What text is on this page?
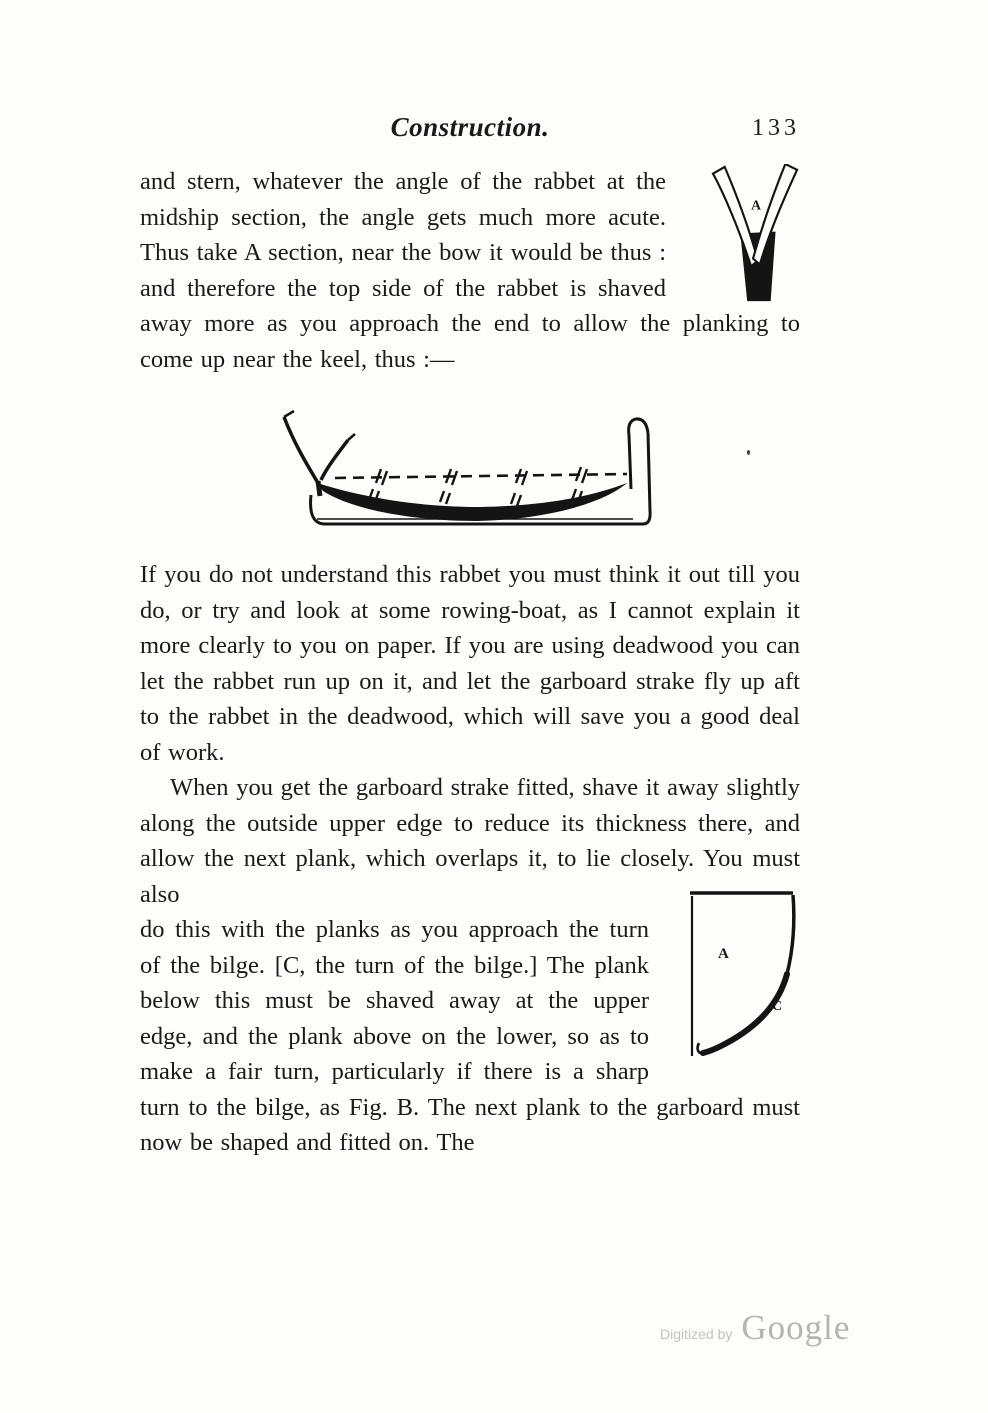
Construction.	133

A
and stern, whatever the angle of the rabbet at the midship section, the angle gets much more acute. Thus take A section, near the bow it would be thus : and therefore the top side of the rabbet is shaved away more as you approach the end to allow the planking to come up near the keel, thus :—

If you do not understand this rabbet you must think it out till you do, or try and look at some rowing-boat, as I cannot explain it more clearly to you on paper. If you are using deadwood you can let the rabbet run up on it, and let the garboard strake fly up aft to the rabbet in the deadwood, which will save you a good deal of work.

When you get the garboard strake fitted, shave it away slightly along the outside upper edge to reduce its thickness there, and allow the next plank, which overlaps it, to lie closely. You must also

A
C
do this with the planks as you approach the turn of the bilge. [C, the turn of the bilge.] The plank below this must be shaved away at the upper edge, and the plank above on the lower, so as to make a fair turn, particularly if there is a sharp turn to the bilge, as Fig. B. The next plank to the garboard must now be shaped and fitted on. The

Digitized by Google
